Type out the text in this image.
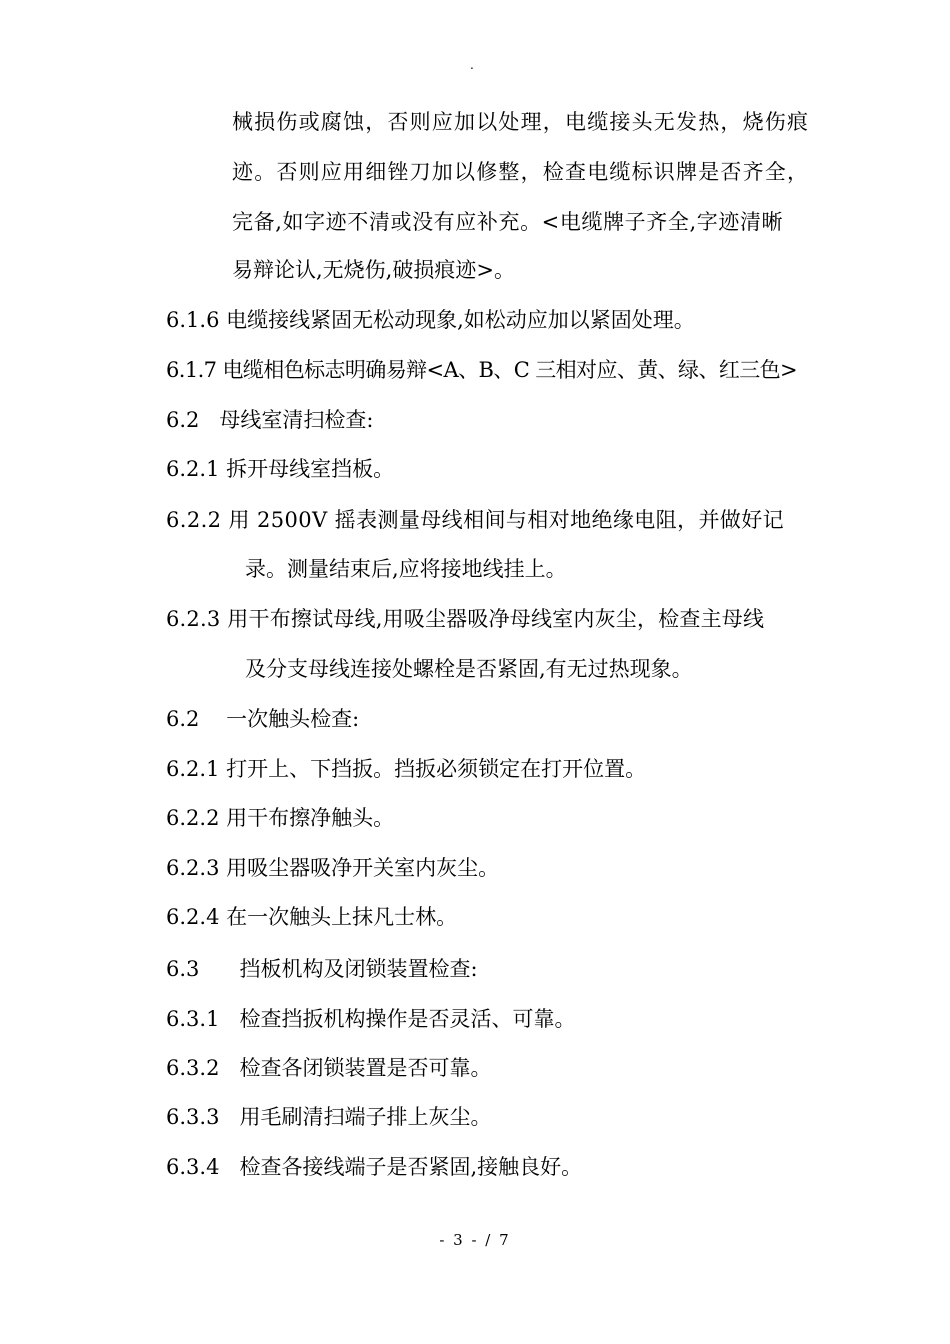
.
械损伤或腐蚀，否则应加以处理，电缆接头无发热，烧伤痕
迹。否则应用细锉刀加以修整，检查电缆标识牌是否齐全，
完备,如字迹不清或没有应补充。<电缆牌子齐全,字迹清晰
易辩论认,无烧伤,破损痕迹>。
6.1.6 电缆接线紧固无松动现象,如松动应加以紧固处理。
6.1.7 电缆相色标志明确易辩<A、B、C 三相对应、黄、绿、红三色>
6.2   母线室清扫检查:
6.2.1 拆开母线室挡板。
6.2.2 用 2500V 摇表测量母线相间与相对地绝缘电阻，并做好记
录。测量结束后,应将接地线挂上。
6.2.3 用干布擦试母线,用吸尘器吸净母线室内灰尘，检查主母线
及分支母线连接处螺栓是否紧固,有无过热现象。
6.2    一次触头检查:
6.2.1 打开上、下挡扳。挡扳必须锁定在打开位置。
6.2.2 用干布擦净触头。
6.2.3 用吸尘器吸净开关室内灰尘。
6.2.4 在一次触头上抹凡士林。
6.3      挡板机构及闭锁装置检查:
6.3.1   检查挡扳机构操作是否灵活、可靠。
6.3.2   检查各闭锁装置是否可靠。
6.3.3   用毛刷清扫端子排上灰尘。
6.3.4   检查各接线端子是否紧固,接触良好。
- 3 - / 7
